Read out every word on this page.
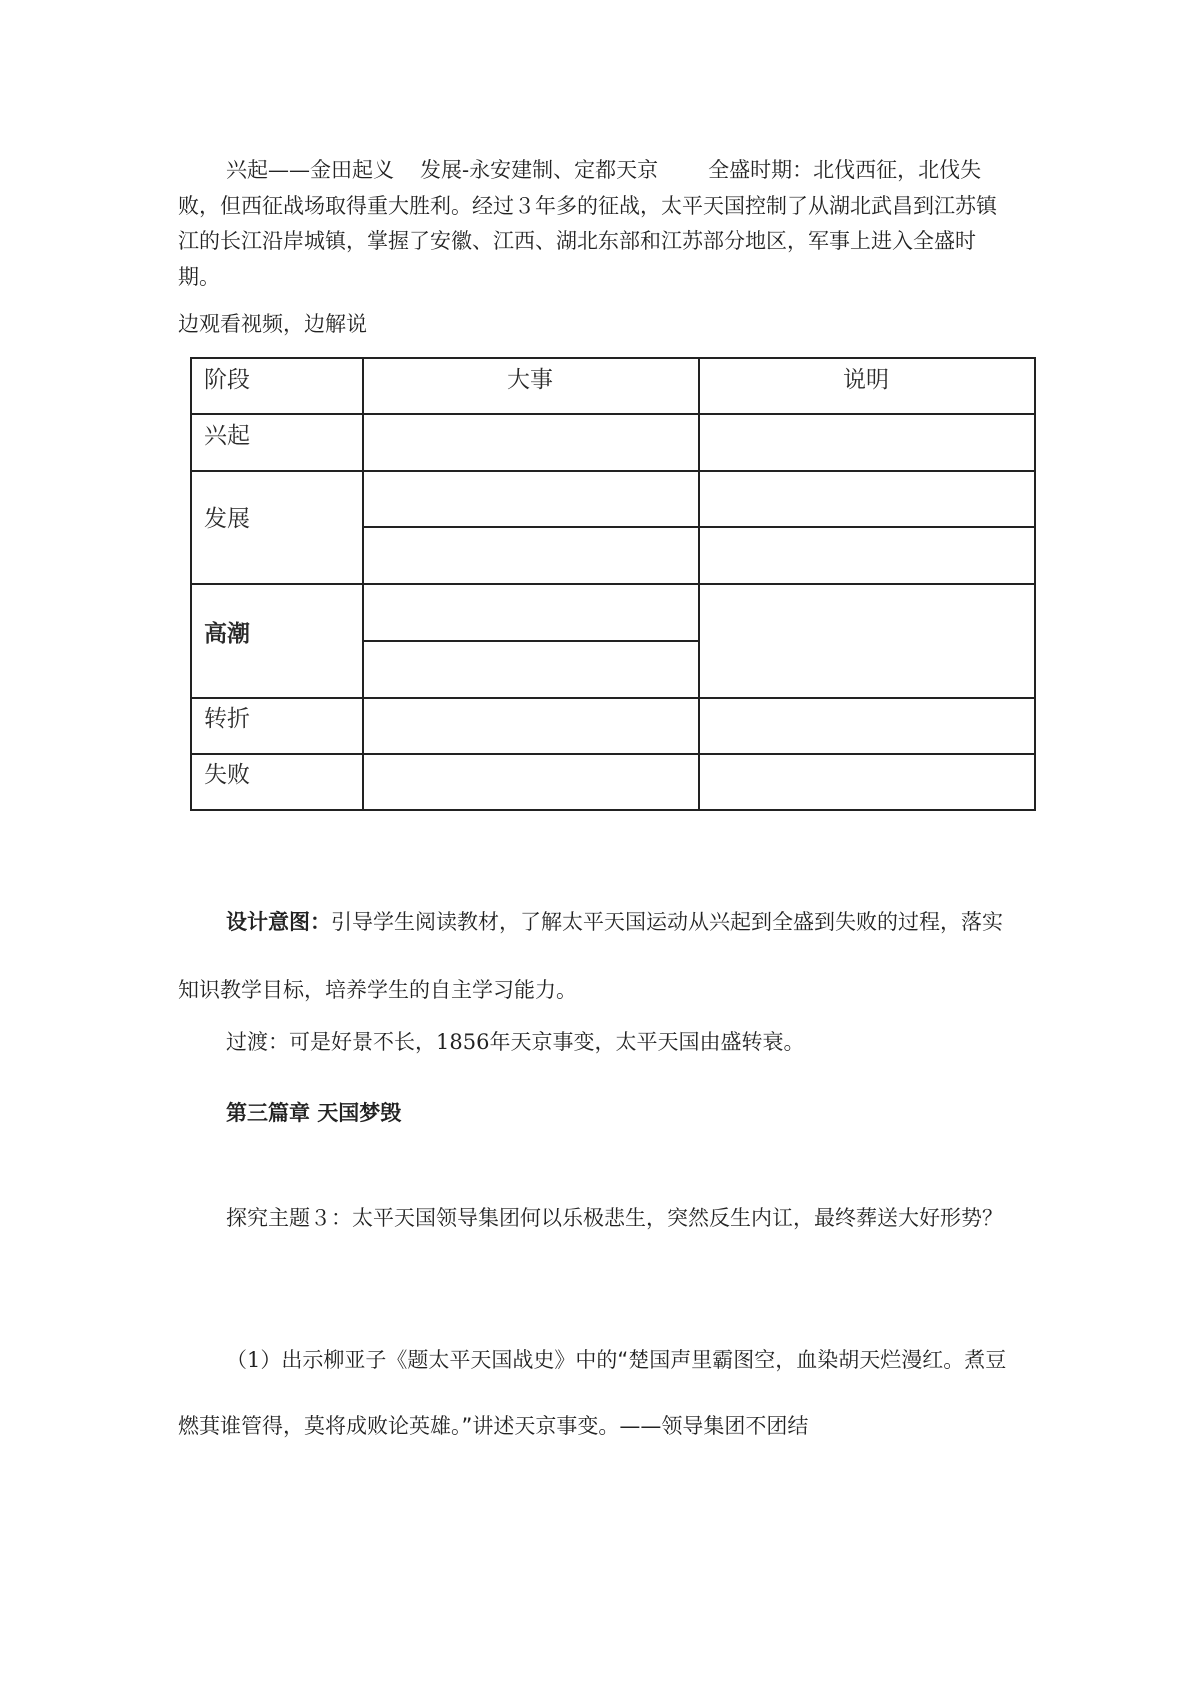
兴起——金田起义 发展-永安建制、定都天京 全盛时期：北伐西征，北伐失败，但西征战场取得重大胜利。经过３年多的征战，太平天国控制了从湖北武昌到江苏镇江的长江沿岸城镇，掌握了安徽、江西、湖北东部和江苏部分地区，军事上进入全盛时期。

边观看视频，边解说

阶段	大事	说明
兴起
发展
高潮
转折
失败

设计意图：引导学生阅读教材，了解太平天国运动从兴起到全盛到失败的过程，落实知识教学目标，培养学生的自主学习能力。

过渡：可是好景不长，1856年天京事变，太平天国由盛转衰。

第三篇章 天国梦毁

探究主题３：太平天国领导集团何以乐极悲生，突然反生内讧，最终葬送大好形势？

（1）出示柳亚子《题太平天国战史》中的“楚国声里霸图空，血染胡天烂漫红。煮豆燃萁谁管得，莫将成败论英雄。”讲述天京事变。——领导集团不团结
